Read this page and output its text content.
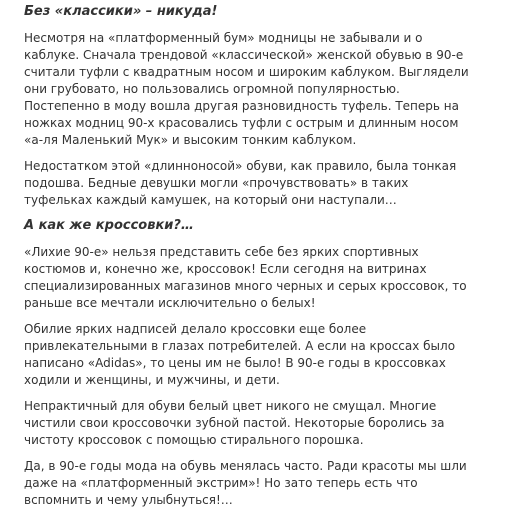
Без «классики» – никуда!
Несмотря на «платформенный бум» модницы не забывали и о
каблуке. Сначала трендовой «классической» женской обувью в 90-е
считали туфли с квадратным носом и широким каблуком. Выглядели
они грубовато, но пользовались огромной популярностью.
Постепенно в моду вошла другая разновидность туфель. Теперь на
ножках модниц 90-х красовались туфли с острым и длинным носом
«а-ля Маленький Мук» и высоким тонким каблуком.
Недостатком этой «длинноносой» обуви, как правило, была тонкая
подошва. Бедные девушки могли «прочувствовать» в таких
туфельках каждый камушек, на который они наступали…
А как же кроссовки?…
«Лихие 90-е» нельзя представить себе без ярких спортивных
костюмов и, конечно же, кроссовок! Если сегодня на витринах
специализированных магазинов много черных и серых кроссовок, то
раньше все мечтали исключительно о белых!
Обилие ярких надписей делало кроссовки еще более
привлекательными в глазах потребителей. А если на кроссах было
написано «Adidas», то цены им не было! В 90-е годы в кроссовках
ходили и женщины, и мужчины, и дети.
Непрактичный для обуви белый цвет никого не смущал. Многие
чистили свои кроссовочки зубной пастой. Некоторые боролись за
чистоту кроссовок с помощью стирального порошка.
Да, в 90-е годы мода на обувь менялась часто. Ради красоты мы шли
даже на «платформенный экстрим»! Но зато теперь есть что
вспомнить и чему улыбнуться!…
